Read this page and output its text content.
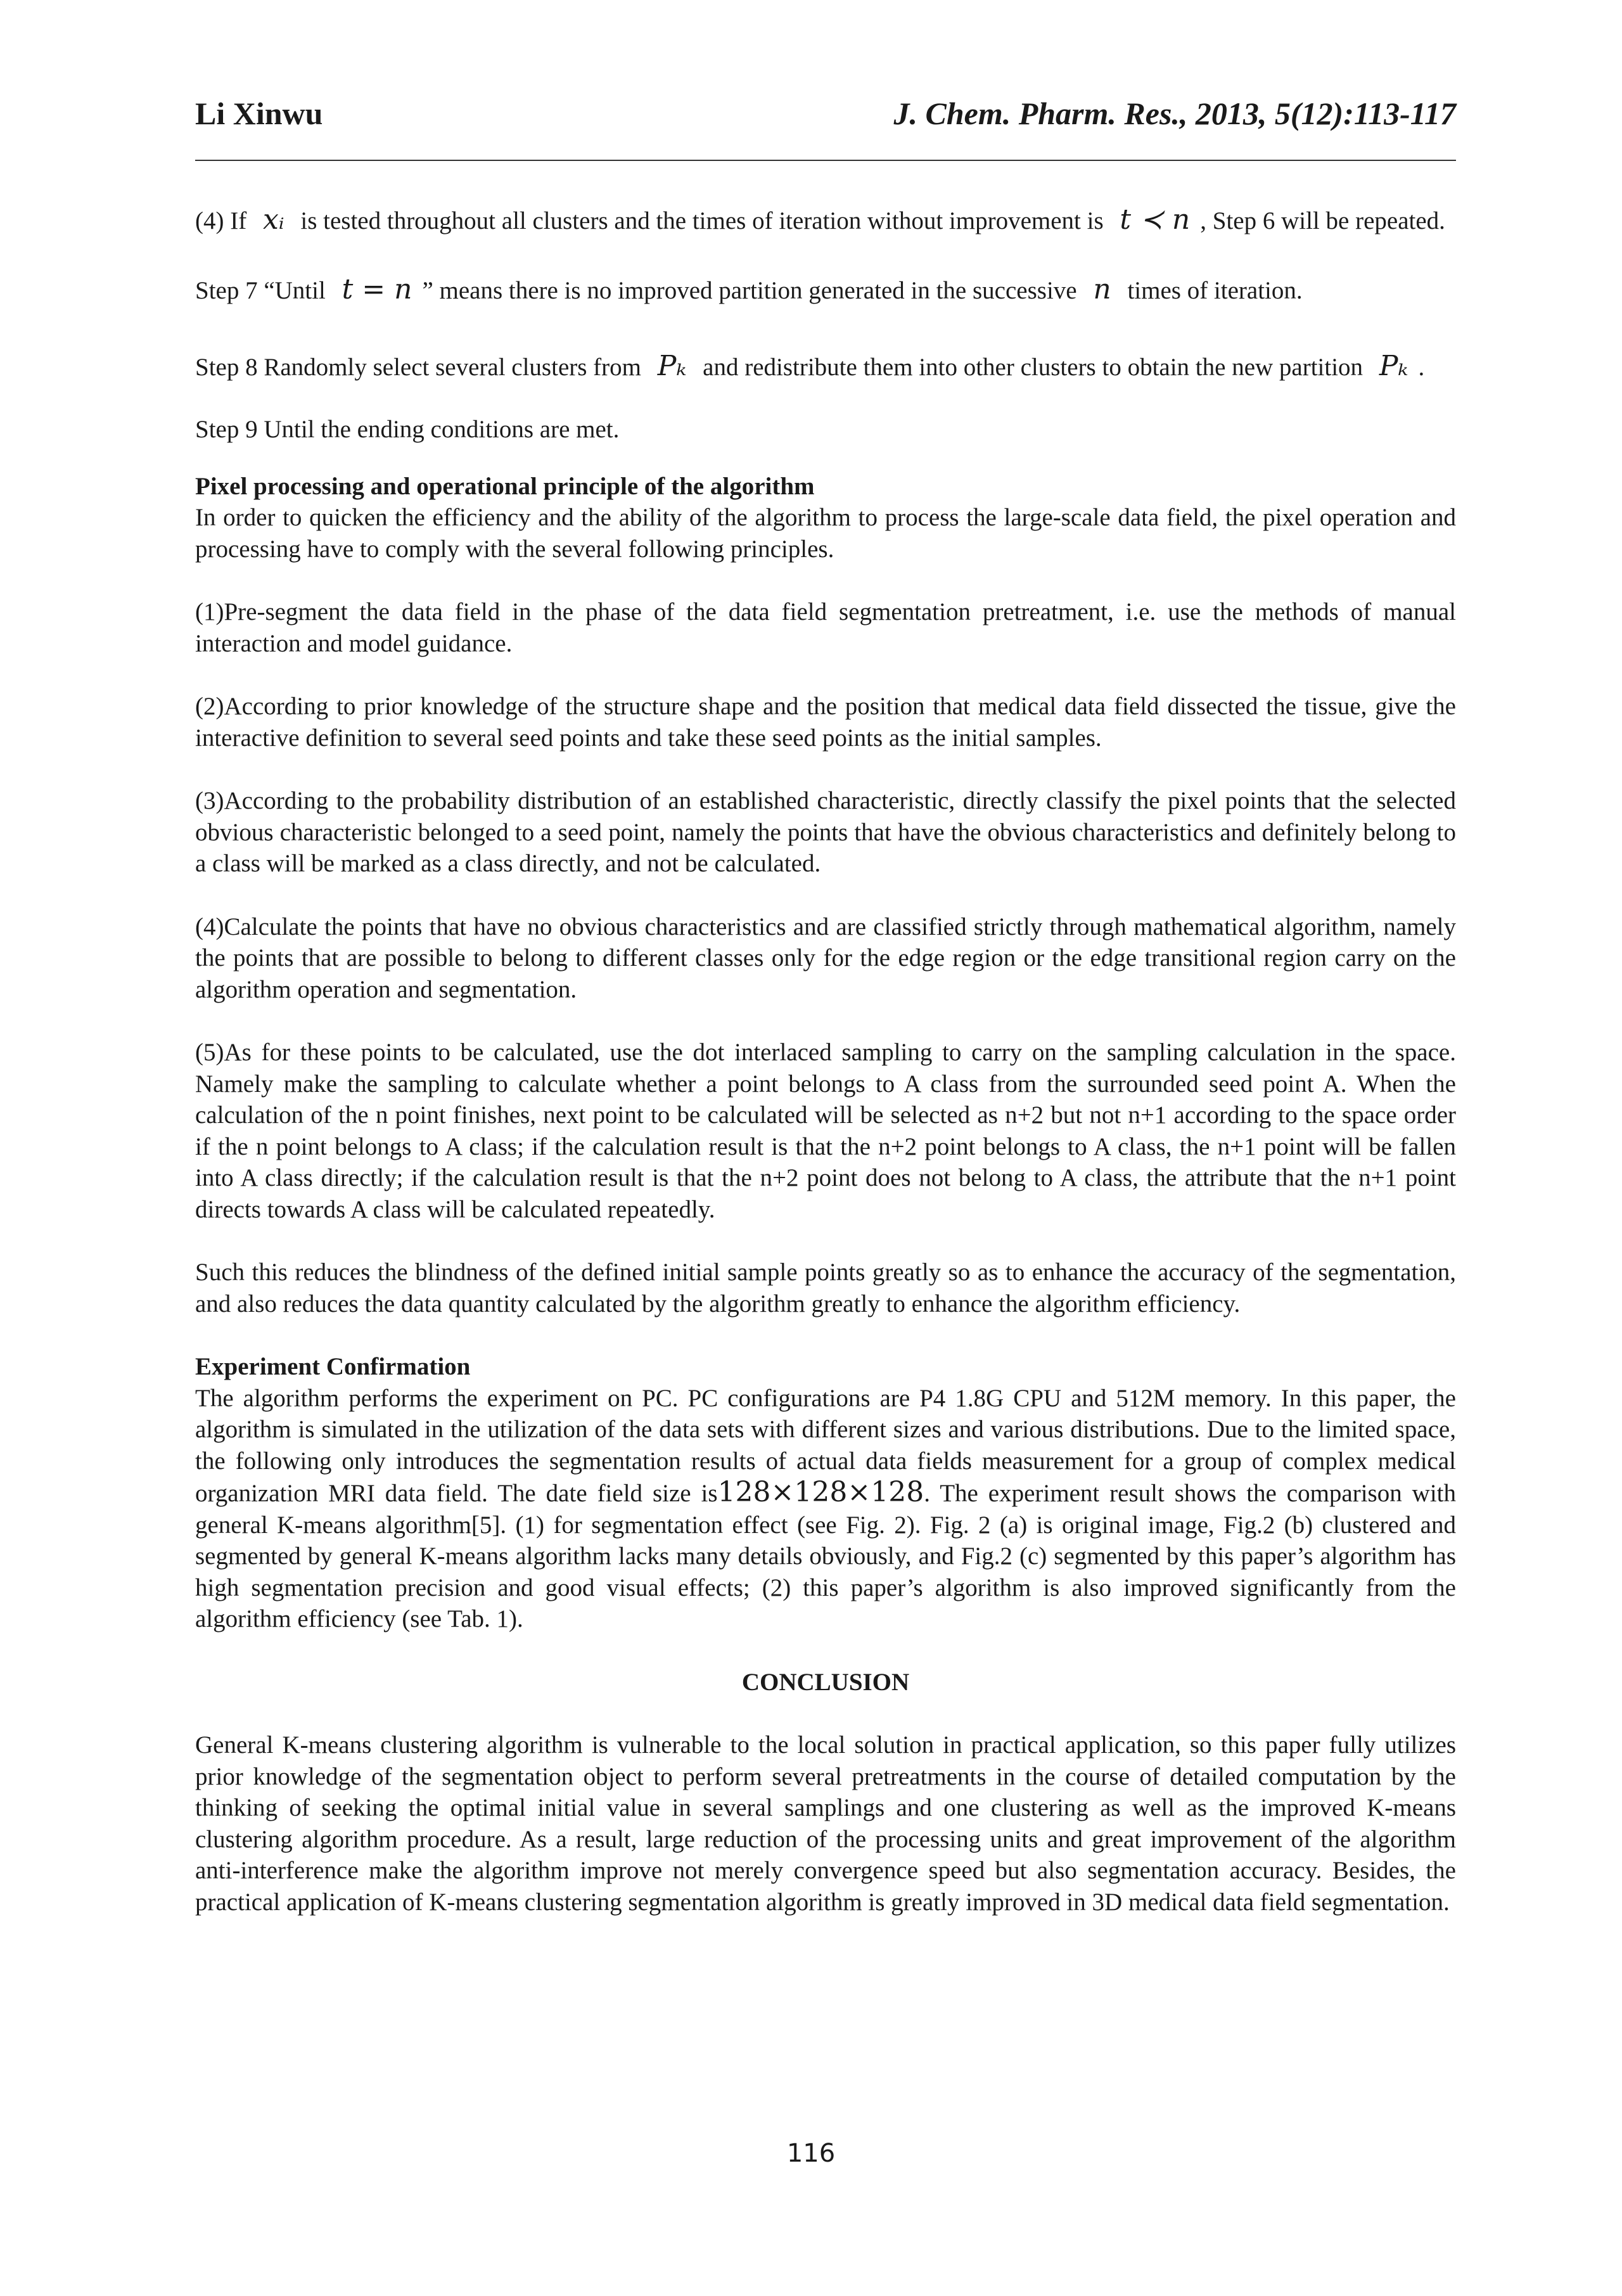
Li Xinwu	J. Chem. Pharm. Res., 2013, 5(12):113-117

(4) If xᵢ is tested throughout all clusters and the times of iteration without improvement is t ≺ n , Step 6 will be repeated.

Step 7 “Until t = n ” means there is no improved partition generated in the successive n times of iteration.

Step 8 Randomly select several clusters from Pₖ and redistribute them into other clusters to obtain the new partition Pₖ .

Step 9 Until the ending conditions are met.

Pixel processing and operational principle of the algorithm

In order to quicken the efficiency and the ability of the algorithm to process the large-scale data field, the pixel operation and processing have to comply with the several following principles.

(1)Pre-segment the data field in the phase of the data field segmentation pretreatment, i.e. use the methods of manual interaction and model guidance.

(2)According to prior knowledge of the structure shape and the position that medical data field dissected the tissue, give the interactive definition to several seed points and take these seed points as the initial samples.

(3)According to the probability distribution of an established characteristic, directly classify the pixel points that the selected obvious characteristic belonged to a seed point, namely the points that have the obvious characteristics and definitely belong to a class will be marked as a class directly, and not be calculated.

(4)Calculate the points that have no obvious characteristics and are classified strictly through mathematical algorithm, namely the points that are possible to belong to different classes only for the edge region or the edge transitional region carry on the algorithm operation and segmentation.

(5)As for these points to be calculated, use the dot interlaced sampling to carry on the sampling calculation in the space. Namely make the sampling to calculate whether a point belongs to A class from the surrounded seed point A. When the calculation of the n point finishes, next point to be calculated will be selected as n+2 but not n+1 according to the space order if the n point belongs to A class; if the calculation result is that the n+2 point belongs to A class, the n+1 point will be fallen into A class directly; if the calculation result is that the n+2 point does not belong to A class, the attribute that the n+1 point directs towards A class will be calculated repeatedly.

Such this reduces the blindness of the defined initial sample points greatly so as to enhance the accuracy of the segmentation, and also reduces the data quantity calculated by the algorithm greatly to enhance the algorithm efficiency.

Experiment Confirmation

The algorithm performs the experiment on PC. PC configurations are P4 1.8G CPU and 512M memory. In this paper, the algorithm is simulated in the utilization of the data sets with different sizes and various distributions. Due to the limited space, the following only introduces the segmentation results of actual data fields measurement for a group of complex medical organization MRI data field. The date field size is128×128×128. The experiment result shows the comparison with general K-means algorithm[5]. (1) for segmentation effect (see Fig. 2). Fig. 2 (a) is original image, Fig.2 (b) clustered and segmented by general K-means algorithm lacks many details obviously, and Fig.2 (c) segmented by this paper’s algorithm has high segmentation precision and good visual effects; (2) this paper’s algorithm is also improved significantly from the algorithm efficiency (see Tab. 1).

CONCLUSION

General K-means clustering algorithm is vulnerable to the local solution in practical application, so this paper fully utilizes prior knowledge of the segmentation object to perform several pretreatments in the course of detailed computation by the thinking of seeking the optimal initial value in several samplings and one clustering as well as the improved K-means clustering algorithm procedure. As a result, large reduction of the processing units and great improvement of the algorithm anti-interference make the algorithm improve not merely convergence speed but also segmentation accuracy. Besides, the practical application of K-means clustering segmentation algorithm is greatly improved in 3D medical data field segmentation.

116
